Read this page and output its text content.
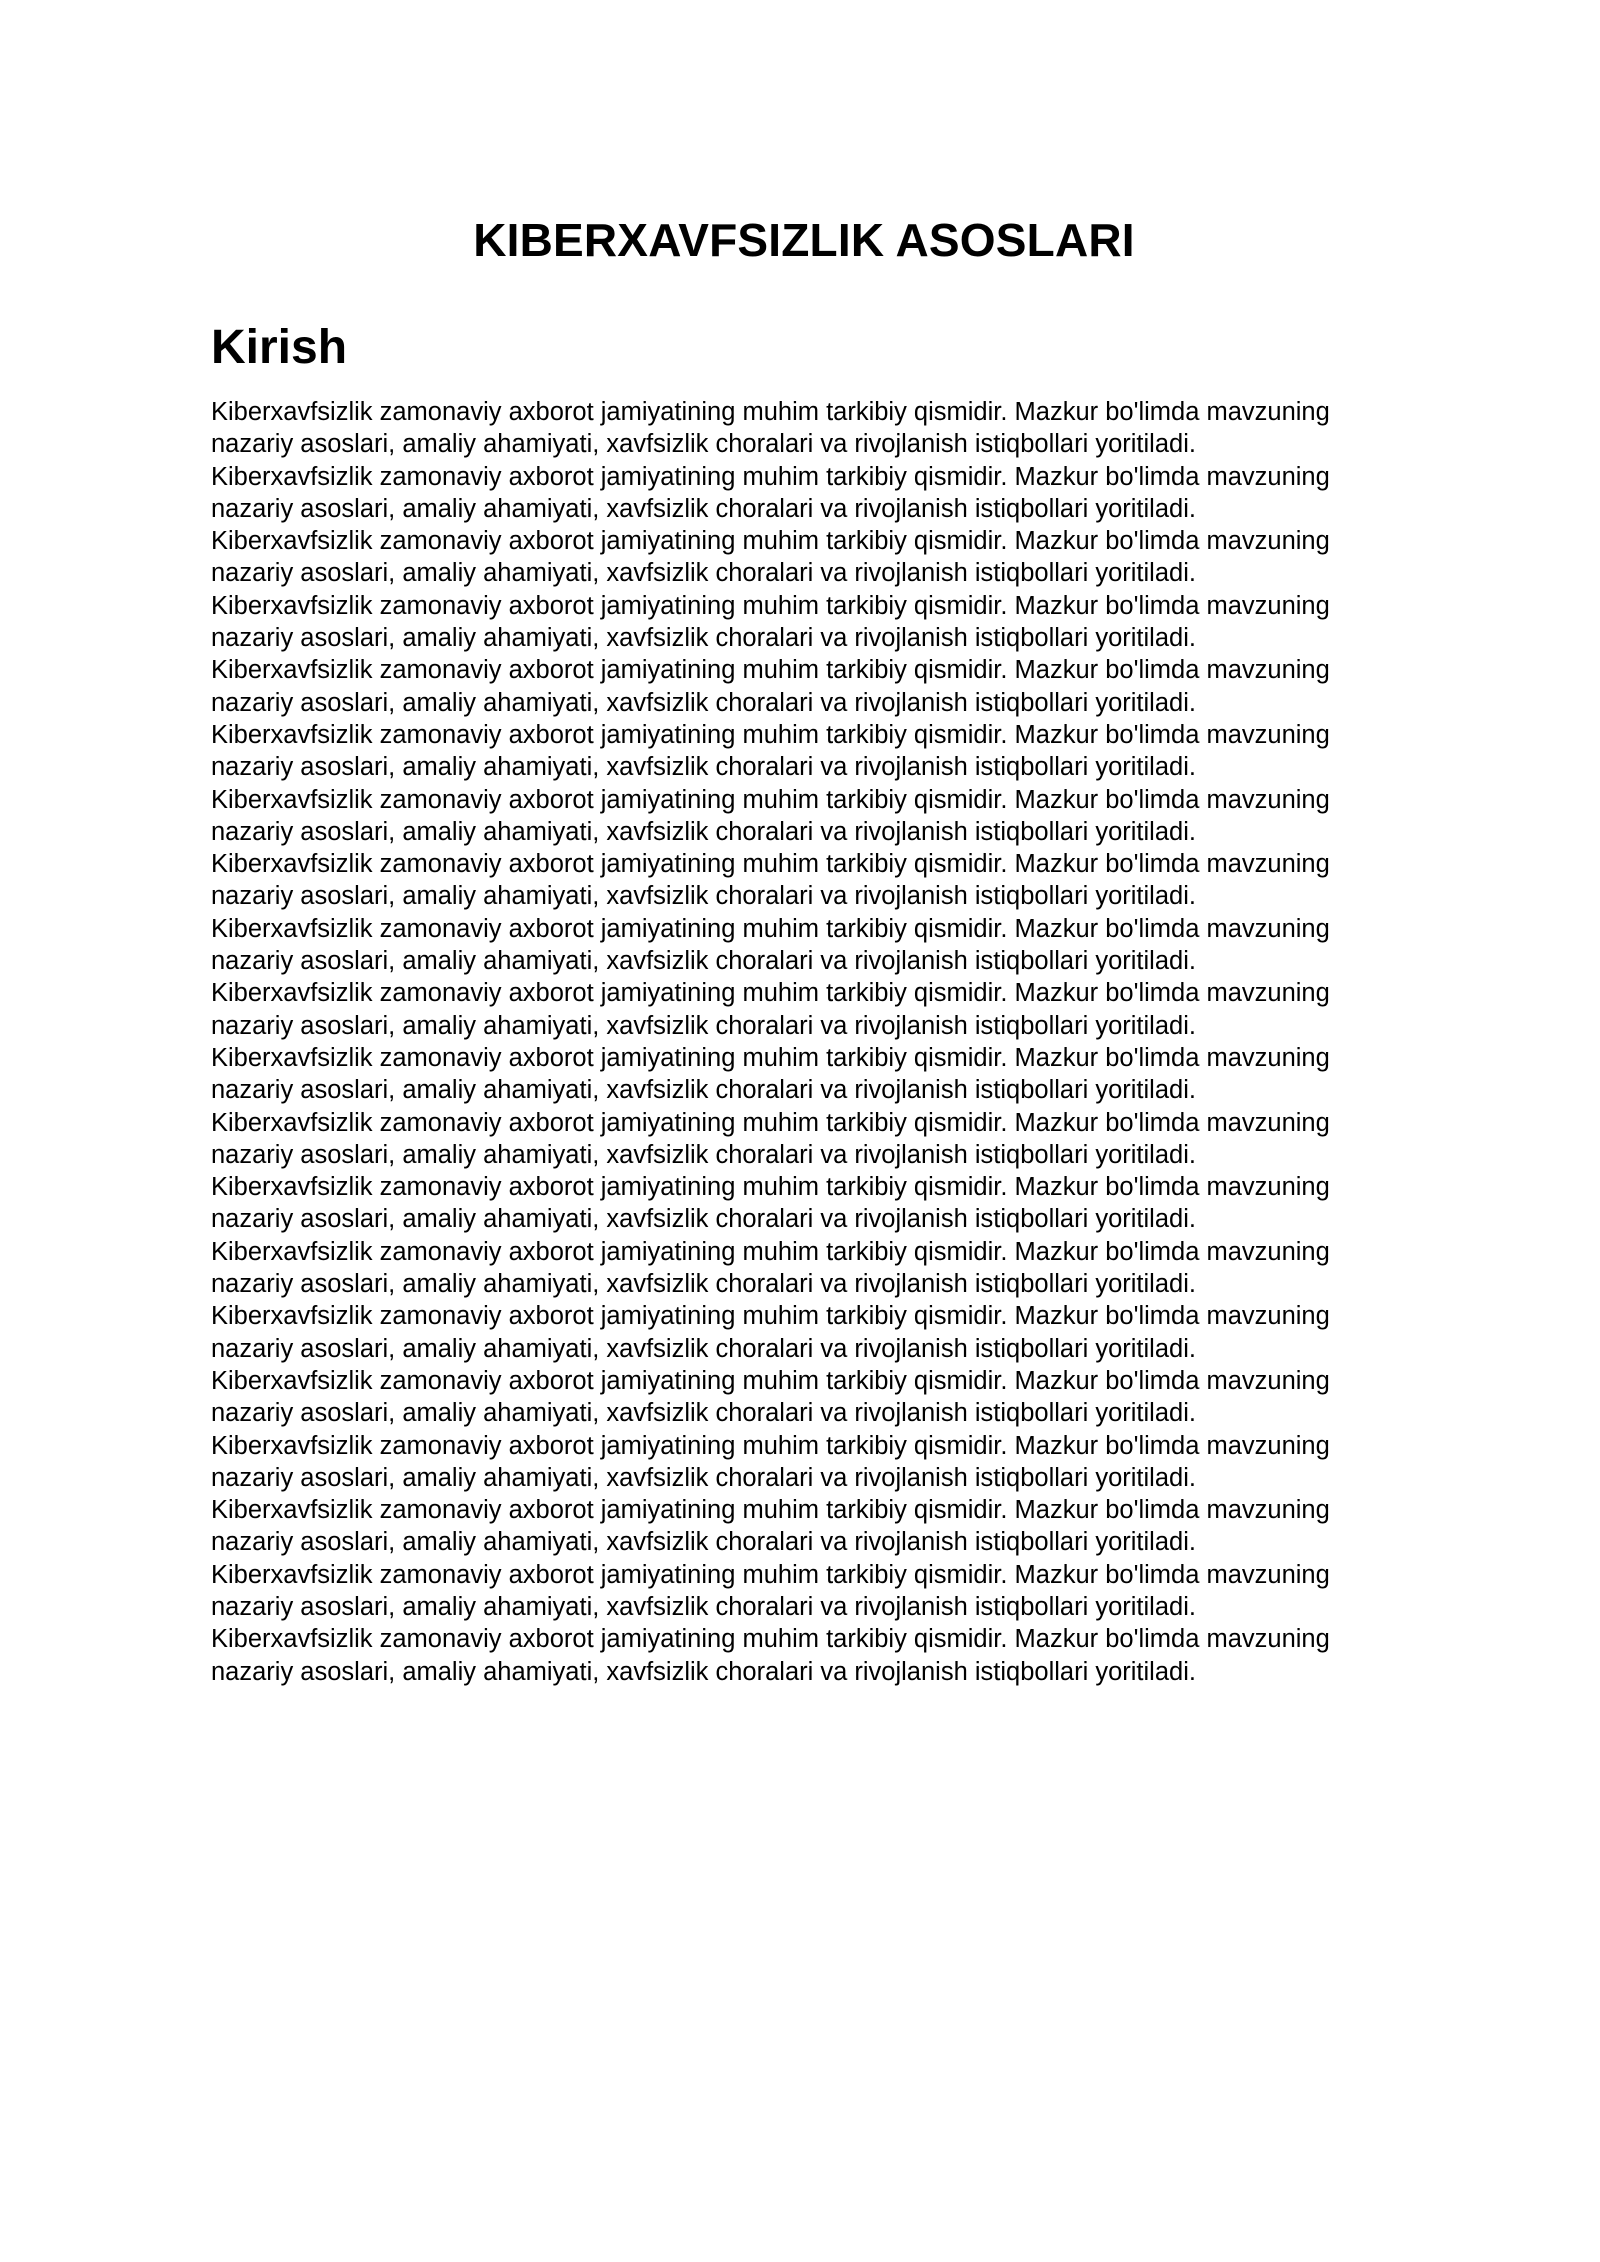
KIBERXAVFSIZLIK ASOSLARI
Kirish

Kiberxavfsizlik zamonaviy axborot jamiyatining muhim tarkibiy qismidir. Mazkur bo'limda mavzuning
nazariy asoslari, amaliy ahamiyati, xavfsizlik choralari va rivojlanish istiqbollari yoritiladi.

Kiberxavfsizlik zamonaviy axborot jamiyatining muhim tarkibiy qismidir. Mazkur bo'limda mavzuning
nazariy asoslari, amaliy ahamiyati, xavfsizlik choralari va rivojlanish istiqbollari yoritiladi.

Kiberxavfsizlik zamonaviy axborot jamiyatining muhim tarkibiy qismidir. Mazkur bo'limda mavzuning
nazariy asoslari, amaliy ahamiyati, xavfsizlik choralari va rivojlanish istiqbollari yoritiladi.

Kiberxavfsizlik zamonaviy axborot jamiyatining muhim tarkibiy qismidir. Mazkur bo'limda mavzuning
nazariy asoslari, amaliy ahamiyati, xavfsizlik choralari va rivojlanish istiqbollari yoritiladi.

Kiberxavfsizlik zamonaviy axborot jamiyatining muhim tarkibiy qismidir. Mazkur bo'limda mavzuning
nazariy asoslari, amaliy ahamiyati, xavfsizlik choralari va rivojlanish istiqbollari yoritiladi.

Kiberxavfsizlik zamonaviy axborot jamiyatining muhim tarkibiy qismidir. Mazkur bo'limda mavzuning
nazariy asoslari, amaliy ahamiyati, xavfsizlik choralari va rivojlanish istiqbollari yoritiladi.

Kiberxavfsizlik zamonaviy axborot jamiyatining muhim tarkibiy qismidir. Mazkur bo'limda mavzuning
nazariy asoslari, amaliy ahamiyati, xavfsizlik choralari va rivojlanish istiqbollari yoritiladi.

Kiberxavfsizlik zamonaviy axborot jamiyatining muhim tarkibiy qismidir. Mazkur bo'limda mavzuning
nazariy asoslari, amaliy ahamiyati, xavfsizlik choralari va rivojlanish istiqbollari yoritiladi.

Kiberxavfsizlik zamonaviy axborot jamiyatining muhim tarkibiy qismidir. Mazkur bo'limda mavzuning
nazariy asoslari, amaliy ahamiyati, xavfsizlik choralari va rivojlanish istiqbollari yoritiladi.

Kiberxavfsizlik zamonaviy axborot jamiyatining muhim tarkibiy qismidir. Mazkur bo'limda mavzuning
nazariy asoslari, amaliy ahamiyati, xavfsizlik choralari va rivojlanish istiqbollari yoritiladi.

Kiberxavfsizlik zamonaviy axborot jamiyatining muhim tarkibiy qismidir. Mazkur bo'limda mavzuning
nazariy asoslari, amaliy ahamiyati, xavfsizlik choralari va rivojlanish istiqbollari yoritiladi.

Kiberxavfsizlik zamonaviy axborot jamiyatining muhim tarkibiy qismidir. Mazkur bo'limda mavzuning
nazariy asoslari, amaliy ahamiyati, xavfsizlik choralari va rivojlanish istiqbollari yoritiladi.

Kiberxavfsizlik zamonaviy axborot jamiyatining muhim tarkibiy qismidir. Mazkur bo'limda mavzuning
nazariy asoslari, amaliy ahamiyati, xavfsizlik choralari va rivojlanish istiqbollari yoritiladi.

Kiberxavfsizlik zamonaviy axborot jamiyatining muhim tarkibiy qismidir. Mazkur bo'limda mavzuning
nazariy asoslari, amaliy ahamiyati, xavfsizlik choralari va rivojlanish istiqbollari yoritiladi.

Kiberxavfsizlik zamonaviy axborot jamiyatining muhim tarkibiy qismidir. Mazkur bo'limda mavzuning
nazariy asoslari, amaliy ahamiyati, xavfsizlik choralari va rivojlanish istiqbollari yoritiladi.

Kiberxavfsizlik zamonaviy axborot jamiyatining muhim tarkibiy qismidir. Mazkur bo'limda mavzuning
nazariy asoslari, amaliy ahamiyati, xavfsizlik choralari va rivojlanish istiqbollari yoritiladi.

Kiberxavfsizlik zamonaviy axborot jamiyatining muhim tarkibiy qismidir. Mazkur bo'limda mavzuning
nazariy asoslari, amaliy ahamiyati, xavfsizlik choralari va rivojlanish istiqbollari yoritiladi.

Kiberxavfsizlik zamonaviy axborot jamiyatining muhim tarkibiy qismidir. Mazkur bo'limda mavzuning
nazariy asoslari, amaliy ahamiyati, xavfsizlik choralari va rivojlanish istiqbollari yoritiladi.

Kiberxavfsizlik zamonaviy axborot jamiyatining muhim tarkibiy qismidir. Mazkur bo'limda mavzuning
nazariy asoslari, amaliy ahamiyati, xavfsizlik choralari va rivojlanish istiqbollari yoritiladi.

Kiberxavfsizlik zamonaviy axborot jamiyatining muhim tarkibiy qismidir. Mazkur bo'limda mavzuning
nazariy asoslari, amaliy ahamiyati, xavfsizlik choralari va rivojlanish istiqbollari yoritiladi.
